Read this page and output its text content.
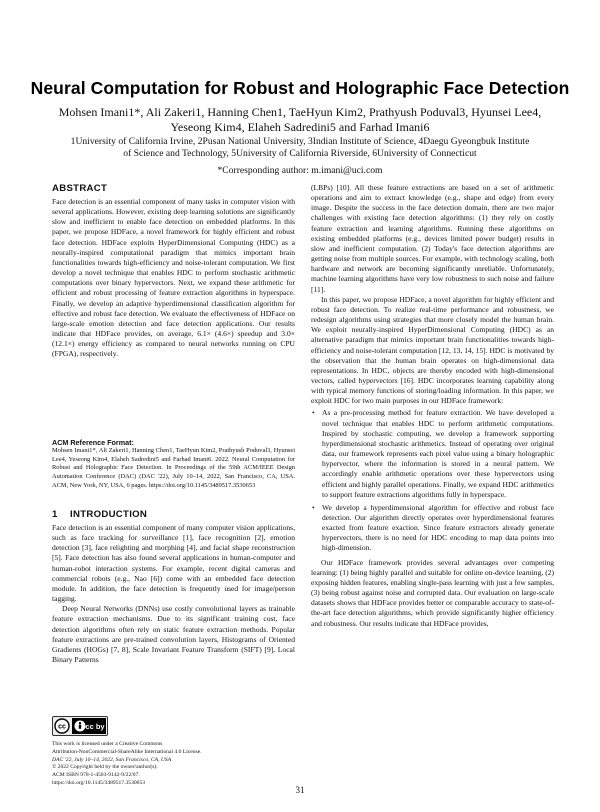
Neural Computation for Robust and Holographic Face Detection
Mohsen Imani1*, Ali Zakeri1, Hanning Chen1, TaeHyun Kim2, Prathyush Poduval3, Hyunsei Lee4,
Yeseong Kim4, Elaheh Sadredini5 and Farhad Imani6
1University of California Irvine, 2Pusan National University, 3Indian Institute of Science, 4Daegu Gyeongbuk Institute
of Science and Technology, 5University of California Riverside, 6University of Connecticut
*Corresponding author: m.imani@uci.com
ABSTRACT

Face detection is an essential component of many tasks in computer vision with several applications. However, existing deep learning solutions are significantly slow and inefficient to enable face detection on embedded platforms. In this paper, we propose HDFace, a novel framework for highly efficient and robust face detection. HDFace exploits HyperDimensional Computing (HDC) as a neurally-inspired computational paradigm that mimics important brain functionalities towards high-efficiency and noise-tolerant computation. We first develop a novel technique that enables HDC to perform stochastic arithmetic computations over binary hypervectors. Next, we expand these arithmetic for efficient and robust processing of feature extraction algorithms in hyperspace. Finally, we develop an adaptive hyperdimensional classification algorithm for effective and robust face detection. We evaluate the effectiveness of HDFace on large-scale emotion detection and face detection applications. Our results indicate that HDFace provides, on average, 6.1× (4.6×) speedup and 3.0× (12.1×) energy efficiency as compared to neural networks running on CPU (FPGA), respectively.

ACM Reference Format:
Mohsen Imani1*, Ali Zakeri1, Hanning Chen1, TaeHyun Kim2, Prathyush Poduval3, Hyunsei Lee4, Yeseong Kim4, Elaheh Sadredini5 and Farhad Imani6. 2022. Neural Computation for Robust and Holographic Face Detection. In Proceedings of the 59th ACM/IEEE Design Automation Conference (DAC) (DAC '22), July 10–14, 2022, San Francisco, CA, USA. ACM, New York, NY, USA, 6 pages. https://doi.org/10.1145/3489517.3530653
1 INTRODUCTION

Face detection is an essential component of many computer vision applications, such as face tracking for surveillance [1], face recognition [2], emotion detection [3], face relighting and morphing [4], and facial shape reconstruction [5]. Face detection has also found several applications in human-computer and human-robot interaction systems. For example, recent digital cameras and commercial robots (e.g., Nao [6]) come with an embedded face detection module. In addition, the face detection is frequently used for image/person tagging.

Deep Neural Networks (DNNs) use costly convolutional layers as trainable feature extraction mechanisms. Due to its significant training cost, face detection algorithms often rely on static feature extraction methods. Popular feature extractions are pre-trained convolution layers, Histograms of Oriented Gradients (HOGs) [7, 8], Scale Invariant Feature Transform (SIFT) [9], Local Binary Patterns

cc	cc by
This work is licensed under a Creative Commons
Attribution-NonCommercial-ShareAlike International 4.0 License.
DAC '22, July 10–14, 2022, San Francisco, CA, USA
© 2022 Copyright held by the owner/author(s).
ACM ISBN 978-1-4503-9142-9/22/07.
https://doi.org/10.1145/3489517.3530653

(LBPs) [10]. All these feature extractions are based on a set of arithmetic operations and aim to extract knowledge (e.g., shape and edge) from every image. Despite the success in the face detection domain, there are two major challenges with existing face detection algorithms: (1) they rely on costly feature extraction and learning algorithms. Running these algorithms on existing embedded platforms (e.g., devices limited power budget) results in slow and inefficient computation. (2) Today's face detection algorithms are getting noise from multiple sources. For example, with technology scaling, both hardware and network are becoming significantly unreliable. Unfortunately, machine learning algorithms have very low robustness to such noise and failure [11].

In this paper, we propose HDFace, a novel algorithm for highly efficient and robust face detection. To realize real-time performance and robustness, we redesign algorithms using strategies that more closely model the human brain. We exploit neurally-inspired HyperDimensional Computing (HDC) as an alternative paradigm that mimics important brain functionalities towards high-efficiency and noise-tolerant computation [12, 13, 14, 15]. HDC is motivated by the observation that the human brain operates on high-dimensional data representations. In HDC, objects are thereby encoded with high-dimensional vectors, called hypervectors [16]. HDC incorporates learning capability along with typical memory functions of storing/loading information. In this paper, we exploit HDC for two main purposes in our HDFace framework:

• As a pre-processing method for feature extraction. We have developed a novel technique that enables HDC to perform arithmetic computations. Inspired by stochastic computing, we develop a framework supporting hyperdimensional stochastic arithmetics. Instead of operating over original data, our framework represents each pixel value using a binary holographic hypervector, where the information is stored in a neural pattern. We accordingly enable arithmetic operations over these hypervectors using efficient and highly parallel operations. Finally, we expand HDC arithmetics to support feature extractions algorithms fully in hyperspace.
• We develop a hyperdimensional algorithm for effective and robust face detection. Our algorithm directly operates over hyperdimensional features exacted from feature exaction. Since feature extractors already generate hypervectors, there is no need for HDC encoding to map data points into high-dimension.

Our HDFace framework provides several advantages over competing learning: (1) being highly parallel and suitable for online on-device learning, (2) exposing hidden features, enabling single-pass learning with just a few samples, (3) being robust against noise and corrupted data. Our evaluation on large-scale datasets shows that HDFace provides better or comparable accuracy to state-of-the-art face detection algorithms, which provide significantly higher efficiency and robustness. Our results indicate that HDFace provides,

31
